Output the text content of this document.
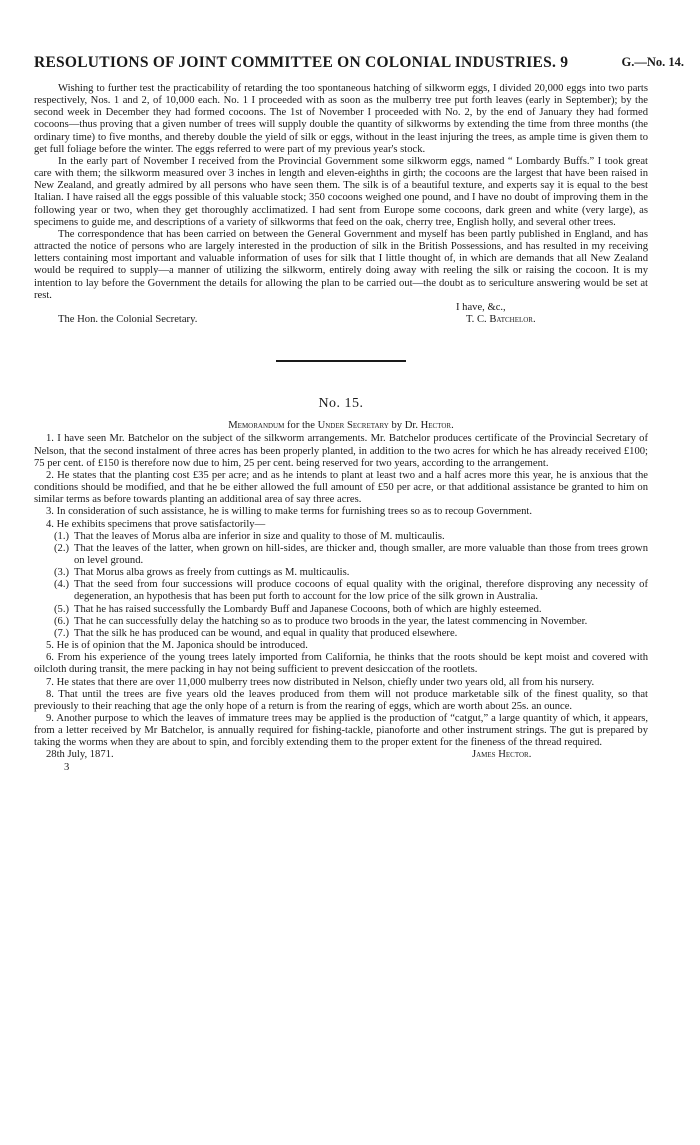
RESOLUTIONS OF JOINT COMMITTEE ON COLONIAL INDUSTRIES. 9	G.—No. 14.

Wishing to further test the practicability of retarding the too spontaneous hatching of silkworm eggs, I divided 20,000 eggs into two parts respectively, Nos. 1 and 2, of 10,000 each. No. 1 I proceeded with as soon as the mulberry tree put forth leaves (early in September); by the second week in December they had formed cocoons. The 1st of November I proceeded with No. 2, by the end of January they had formed cocoons—thus proving that a given number of trees will supply double the quantity of silkworms by extending the time from three months (the ordinary time) to five months, and thereby double the yield of silk or eggs, without in the least injuring the trees, as ample time is given them to get full foliage before the winter. The eggs referred to were part of my previous year's stock.

In the early part of November I received from the Provincial Government some silkworm eggs, named “ Lombardy Buffs.” I took great care with them; the silkworm measured over 3 inches in length and eleven-eighths in girth; the cocoons are the largest that have been raised in New Zealand, and greatly admired by all persons who have seen them. The silk is of a beautiful texture, and experts say it is equal to the best Italian. I have raised all the eggs possible of this valuable stock; 350 cocoons weighed one pound, and I have no doubt of improving them in the following year or two, when they get thoroughly acclimatized. I had sent from Europe some cocoons, dark green and white (very large), as specimens to guide me, and descriptions of a variety of silkworms that feed on the oak, cherry tree, English holly, and several other trees.

The correspondence that has been carried on between the General Government and myself has been partly published in England, and has attracted the notice of persons who are largely interested in the production of silk in the British Possessions, and has resulted in my receiving letters containing most important and valuable information of uses for silk that I little thought of, in which are demands that all New Zealand would be required to supply—a manner of utilizing the silkworm, entirely doing away with reeling the silk or raising the cocoon. It is my intention to lay before the Government the details for allowing the plan to be carried out—the doubt as to sericulture answering would be set at rest.

I have, &c.,
The Hon. the Colonial Secretary.	T. C. Batchelor.
No. 15.
Memorandum for the Under Secretary by Dr. Hector.

1. I have seen Mr. Batchelor on the subject of the silkworm arrangements. Mr. Batchelor produces certificate of the Provincial Secretary of Nelson, that the second instalment of three acres has been properly planted, in addition to the two acres for which he has already received £100; 75 per cent. of £150 is therefore now due to him, 25 per cent. being reserved for two years, according to the arrangement.

2. He states that the planting cost £35 per acre; and as he intends to plant at least two and a half acres more this year, he is anxious that the conditions should be modified, and that he be either allowed the full amount of £50 per acre, or that additional assistance be granted to him on similar terms as before towards planting an additional area of say three acres.

3. In consideration of such assistance, he is willing to make terms for furnishing trees so as to recoup Government.

4. He exhibits specimens that prove satisfactorily—

(1.) That the leaves of Morus alba are inferior in size and quality to those of M. multicaulis.

(2.) That the leaves of the latter, when grown on hill-sides, are thicker and, though smaller, are more valuable than those from trees grown on level ground.

(3.) That Morus alba grows as freely from cuttings as M. multicaulis.

(4.) That the seed from four successions will produce cocoons of equal quality with the original, therefore disproving any necessity of degeneration, an hypothesis that has been put forth to account for the low price of the silk grown in Australia.

(5.) That he has raised successfully the Lombardy Buff and Japanese Cocoons, both of which are highly esteemed.

(6.) That he can successfully delay the hatching so as to produce two broods in the year, the latest commencing in November.

(7.) That the silk he has produced can be wound, and equal in quality that produced elsewhere.

5. He is of opinion that the M. Japonica should be introduced.

6. From his experience of the young trees lately imported from California, he thinks that the roots should be kept moist and covered with oilcloth during transit, the mere packing in hay not being sufficient to prevent desiccation of the rootlets.

7. He states that there are over 11,000 mulberry trees now distributed in Nelson, chiefly under two years old, all from his nursery.

8. That until the trees are five years old the leaves produced from them will not produce marketable silk of the finest quality, so that previously to their reaching that age the only hope of a return is from the rearing of eggs, which are worth about 25s. an ounce.

9. Another purpose to which the leaves of immature trees may be applied is the production of “catgut,” a large quantity of which, it appears, from a letter received by Mr Batchelor, is annually required for fishing-tackle, pianoforte and other instrument strings. The gut is prepared by taking the worms when they are about to spin, and forcibly extending them to the proper extent for the fineness of the thread required.

28th July, 1871.	James Hector.

3
